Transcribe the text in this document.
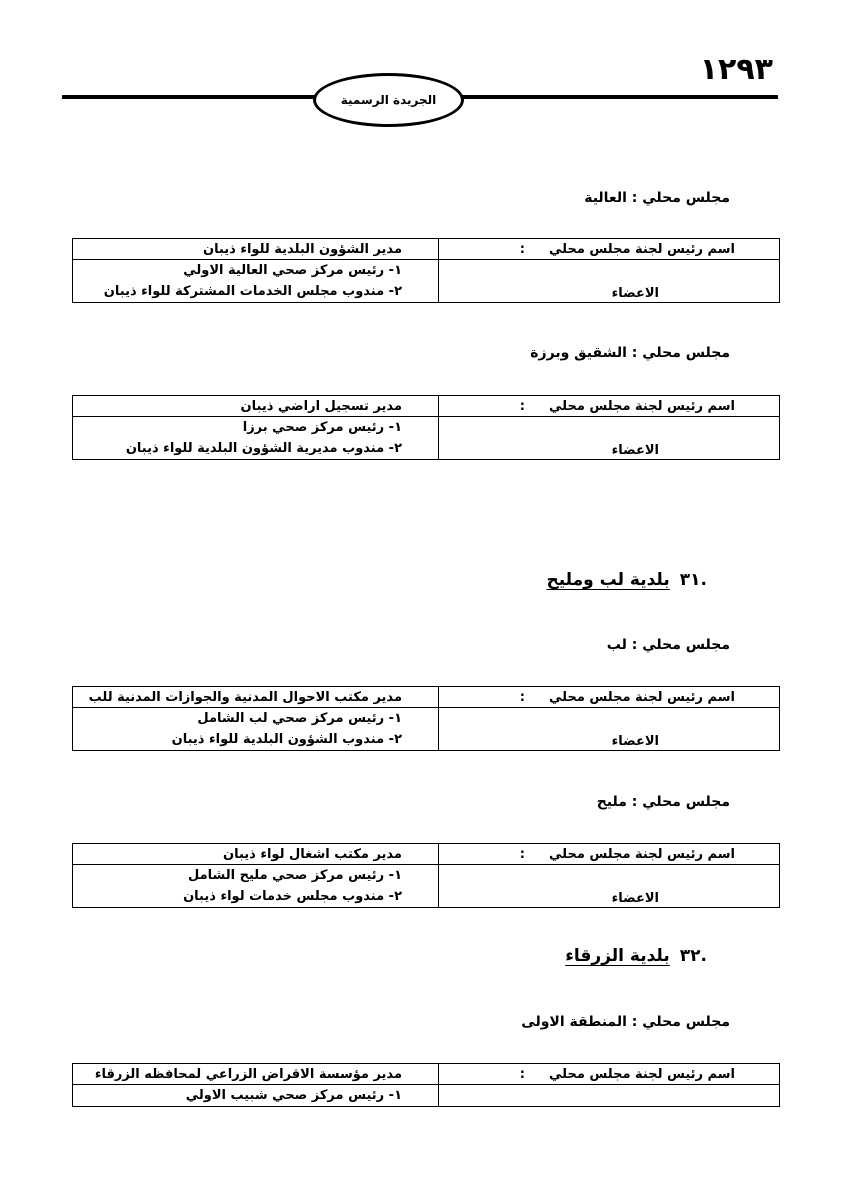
١٢٩٣
الجريدة الرسمية
مجلس محلي : العالية
اسم رئيس لجنة مجلس محلي:	مدير الشؤون البلدية للواء ذيبان
الاعضاء	١- رئيس مركز صحي العالية الاولي
٢- مندوب مجلس الخدمات المشتركة للواء ذيبان
مجلس محلي : الشقيق وبرزة
اسم رئيس لجنة مجلس محلي:	مدير تسجيل اراضي ذيبان
الاعضاء	١- رئيس مركز صحي برزا
٢- مندوب مديرية الشؤون البلدية للواء ذيبان
.٣١بلدية لب ومليح
مجلس محلي : لب
اسم رئيس لجنة مجلس محلي:	مدير مكتب الاحوال المدنية والجوازات المدنية للب
الاعضاء	١- رئيس مركز صحي لب الشامل
٢- مندوب الشؤون البلدية للواء ذيبان
مجلس محلي : مليح
اسم رئيس لجنة مجلس محلي:	مدير مكتب اشغال لواء ذيبان
الاعضاء	١- رئيس مركز صحي مليح الشامل
٢- مندوب مجلس خدمات لواء ذيبان
.٣٢بلدية الزرقاء
مجلس محلي : المنطقة الاولى
اسم رئيس لجنة مجلس محلي:	مدير مؤسسة الاقراض الزراعي لمحافظه الزرقاء

	١- رئيس مركز صحي شبيب الاولي
